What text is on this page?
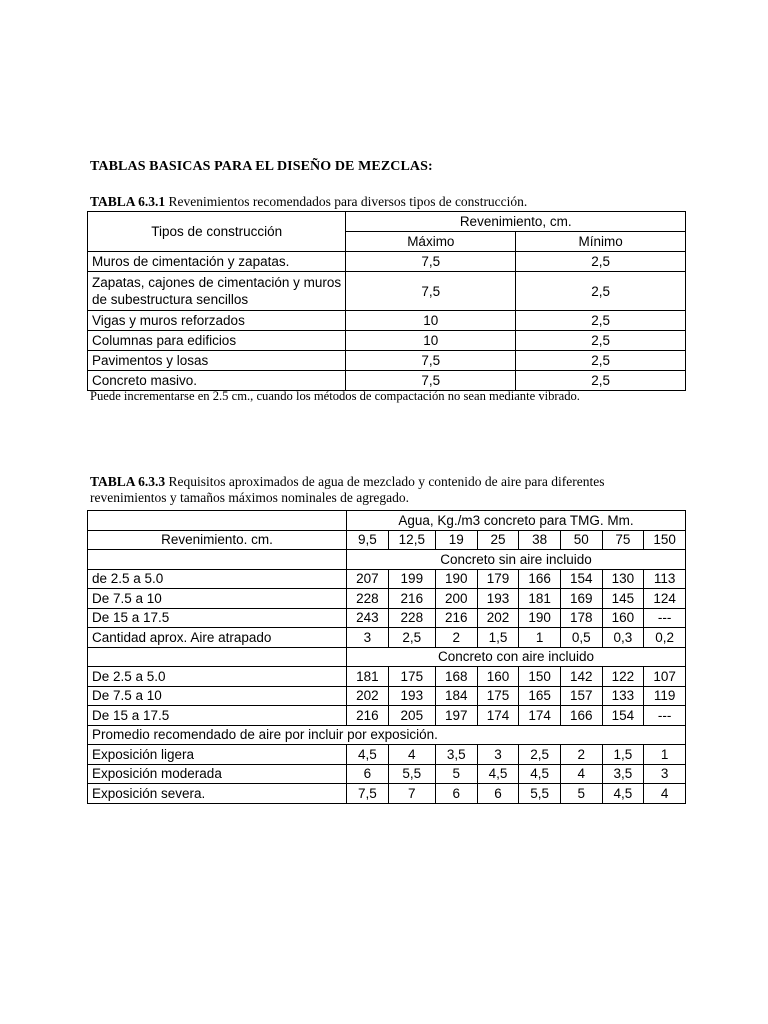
TABLAS BASICAS PARA EL DISEÑO DE MEZCLAS:
TABLA 6.3.1 Revenimientos recomendados para diversos tipos de construcción.
Tipos de construcción	Revenimiento, cm.	
	Máximo	Mínimo
Muros de cimentación y zapatas.	7,5	2,5
Zapatas, cajones de cimentación y muros de subestructura sencillos	7,5	2,5
Vigas y muros reforzados	10	2,5
Columnas para edificios	10	2,5
Pavimentos y losas	7,5	2,5
Concreto masivo.	7,5	2,5
Puede incrementarse en 2.5 cm., cuando los métodos de compactación no sean mediante vibrado.
TABLA 6.3.3 Requisitos aproximados de agua de mezclado y contenido de aire para diferentes revenimientos y tamaños máximos nominales de agregado.
	Agua, Kg./m3 concreto para TMG. Mm.							
Revenimiento. cm.	9,5	12,5	19	25	38	50	75	150
	Concreto sin aire incluido							
de 2.5 a 5.0	207	199	190	179	166	154	130	113
De 7.5 a 10	228	216	200	193	181	169	145	124
De 15 a 17.5	243	228	216	202	190	178	160	---
Cantidad aprox. Aire atrapado	3	2,5	2	1,5	1	0,5	0,3	0,2
	Concreto con aire incluido							
De 2.5 a 5.0	181	175	168	160	150	142	122	107
De 7.5 a 10	202	193	184	175	165	157	133	119
De 15 a 17.5	216	205	197	174	174	166	154	---
Promedio recomendado de aire por incluir por exposición.								
Exposición ligera	4,5	4	3,5	3	2,5	2	1,5	1
Exposición moderada	6	5,5	5	4,5	4,5	4	3,5	3
Exposición severa.	7,5	7	6	6	5,5	5	4,5	4
